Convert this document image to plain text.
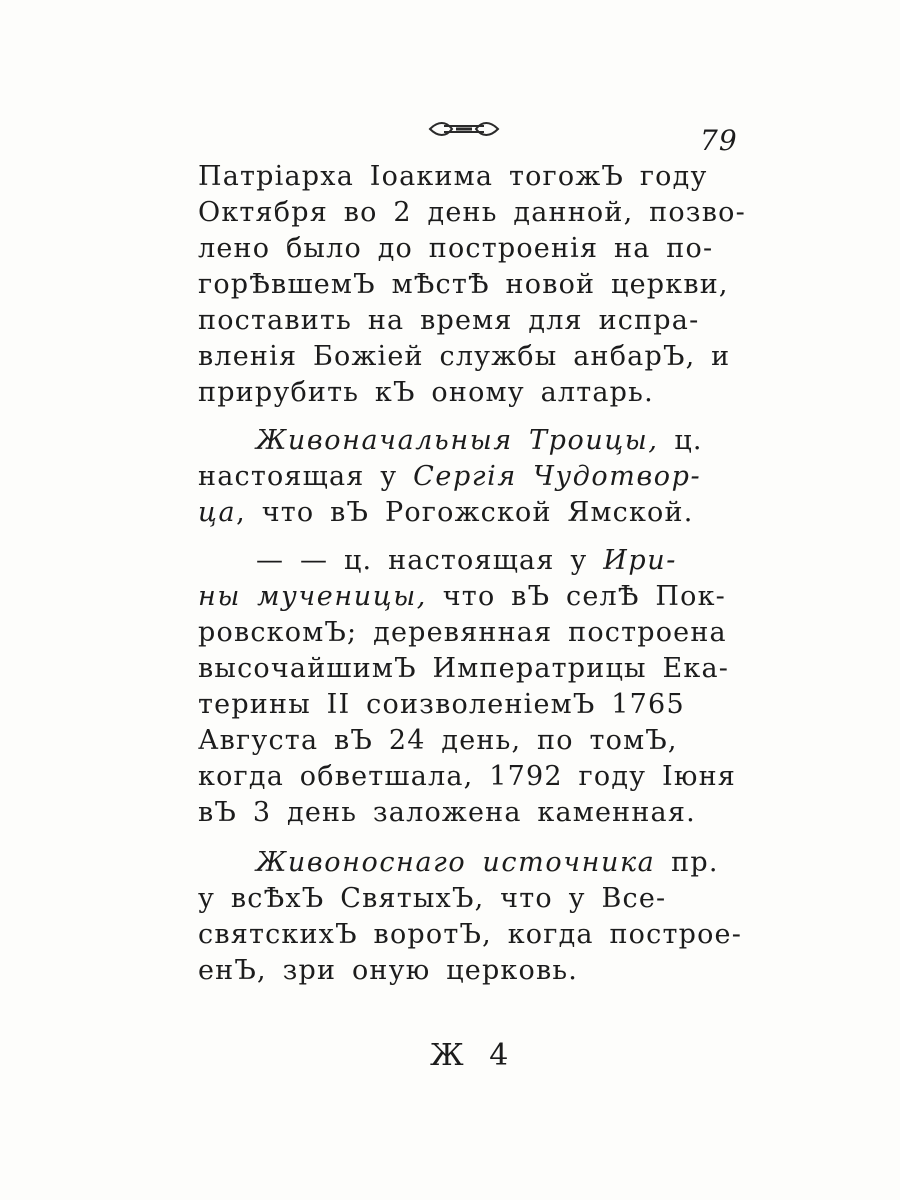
79
Патріарха Іоакима тогожЪ году
Октября во 2 день данной, позво-
лено было до построенія на по-
горѢвшемЪ мѢстѢ новой церкви,
поставить на время для испра-
вленія Божіей службы анбарЪ, и
прирубить кЪ оному алтарь.
Живоначальныя Троицы, ц.
настоящая у Сергія Чудотвор-
ца, что вЪ Рогожской Ямской.
— — ц. настоящая у Ири-
ны мученицы, что вЪ селѢ Пок-
ровскомЪ; деревянная построена
высочайшимЪ Императрицы Ека-
терины II соизволеніемЪ 1765
Августа вЪ 24 день, по томЪ,
когда обветшала, 1792 году Іюня
вЪ 3 день заложена каменная.
Живоноснаго источника пр.
у всѢхЪ СвятыхЪ, что у Все-
святскихЪ воротЪ, когда построе-
енЪ, зри оную церковь.
Ж 4
